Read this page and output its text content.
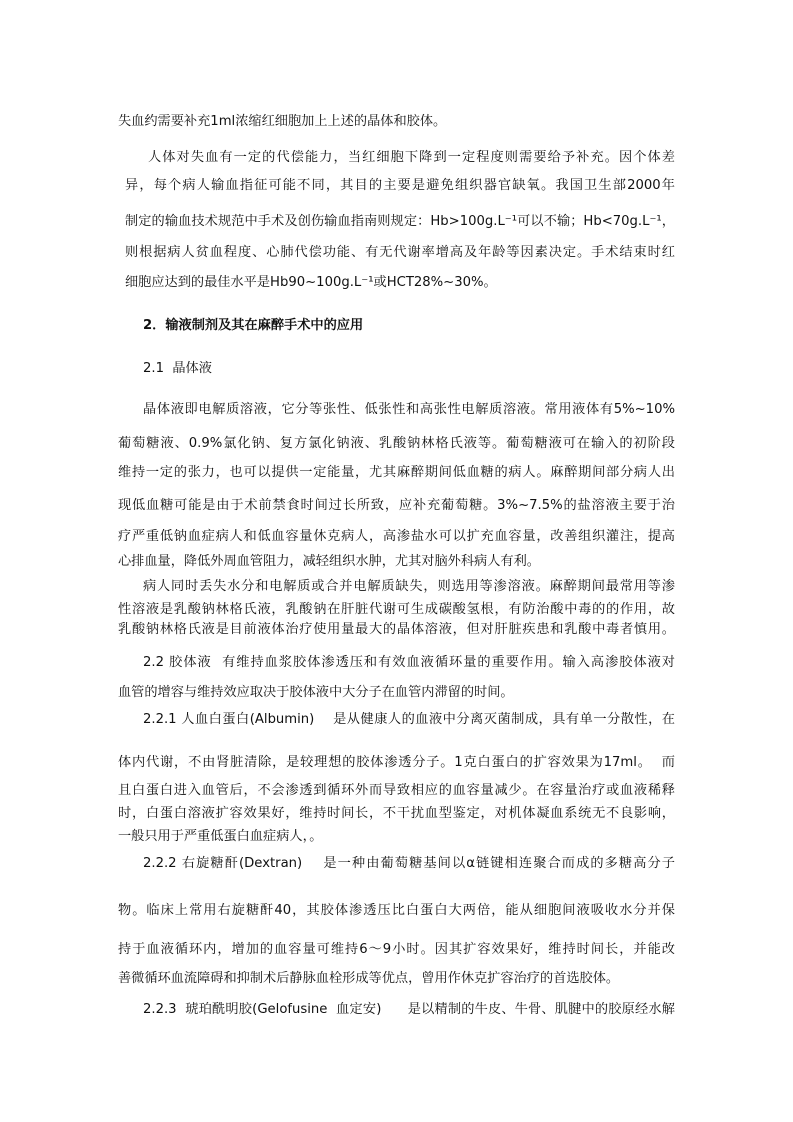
失血约需要补充1ml浓缩红细胞加上上述的晶体和胶体。
人体对失血有一定的代偿能力，当红细胞下降到一定程度则需要给予补充。因个体差
异，每个病人输血指征可能不同，其目的主要是避免组织器官缺氧。我国卫生部2000年
制定的输血技术规范中手术及创伤输血指南则规定：Hb>100g.L⁻¹可以不输；Hb<70g.L⁻¹，
则根据病人贫血程度、心肺代偿功能、有无代谢率增高及年龄等因素决定。手术结束时红
细胞应达到的最佳水平是Hb90~100g.L⁻¹或HCT28%~30%。
2．输液制剂及其在麻醉手术中的应用
2.1  晶体液
晶体液即电解质溶液，它分等张性、低张性和高张性电解质溶液。常用液体有5%~10%
葡萄糖液、0.9%氯化钠、复方氯化钠液、乳酸钠林格氏液等。葡萄糖液可在输入的初阶段
维持一定的张力，也可以提供一定能量，尤其麻醉期间低血糖的病人。麻醉期间部分病人出
现低血糖可能是由于术前禁食时间过长所致，应补充葡萄糖。3%~7.5%的盐溶液主要于治
疗严重低钠血症病人和低血容量休克病人，高渗盐水可以扩充血容量，改善组织灌注，提高
心排血量，降低外周血管阻力，减轻组织水肿，尤其对脑外科病人有利。
病人同时丢失水分和电解质或合并电解质缺失，则选用等渗溶液。麻醉期间最常用等渗
性溶液是乳酸钠林格氏液，乳酸钠在肝脏代谢可生成碳酸氢根，有防治酸中毒的的作用，故
乳酸钠林格氏液是目前液体治疗使用量最大的晶体溶液，但对肝脏疾患和乳酸中毒者慎用。
2.2 胶体液  有维持血浆胶体渗透压和有效血液循环量的重要作用。输入高渗胶体液对
血管的增容与维持效应取决于胶体液中大分子在血管内滞留的时间。
2.2.1 人血白蛋白(Albumin)    是从健康人的血液中分离灭菌制成，具有单一分散性，在
体内代谢，不由肾脏清除，是较理想的胶体渗透分子。1克白蛋白的扩容效果为17ml。  而
且白蛋白进入血管后，不会渗透到循环外而导致相应的血容量减少。在容量治疗或血液稀释
时，白蛋白溶液扩容效果好，维持时间长，不干扰血型鉴定，对机体凝血系统无不良影响，
一般只用于严重低蛋白血症病人，。
2.2.2 右旋糖酐(Dextran)    是一种由葡萄糖基间以α链键相连聚合而成的多糖高分子
物。临床上常用右旋糖酐40，其胶体渗透压比白蛋白大两倍，能从细胞间液吸收水分并保
持于血液循环内，增加的血容量可维持6～9小时。因其扩容效果好，维持时间长，并能改
善微循环血流障碍和抑制术后静脉血栓形成等优点，曾用作休克扩容治疗的首选胶体。
2.2.3  琥珀酰明胶(Gelofusine  血定安)      是以精制的牛皮、牛骨、肌腱中的胶原经水解
